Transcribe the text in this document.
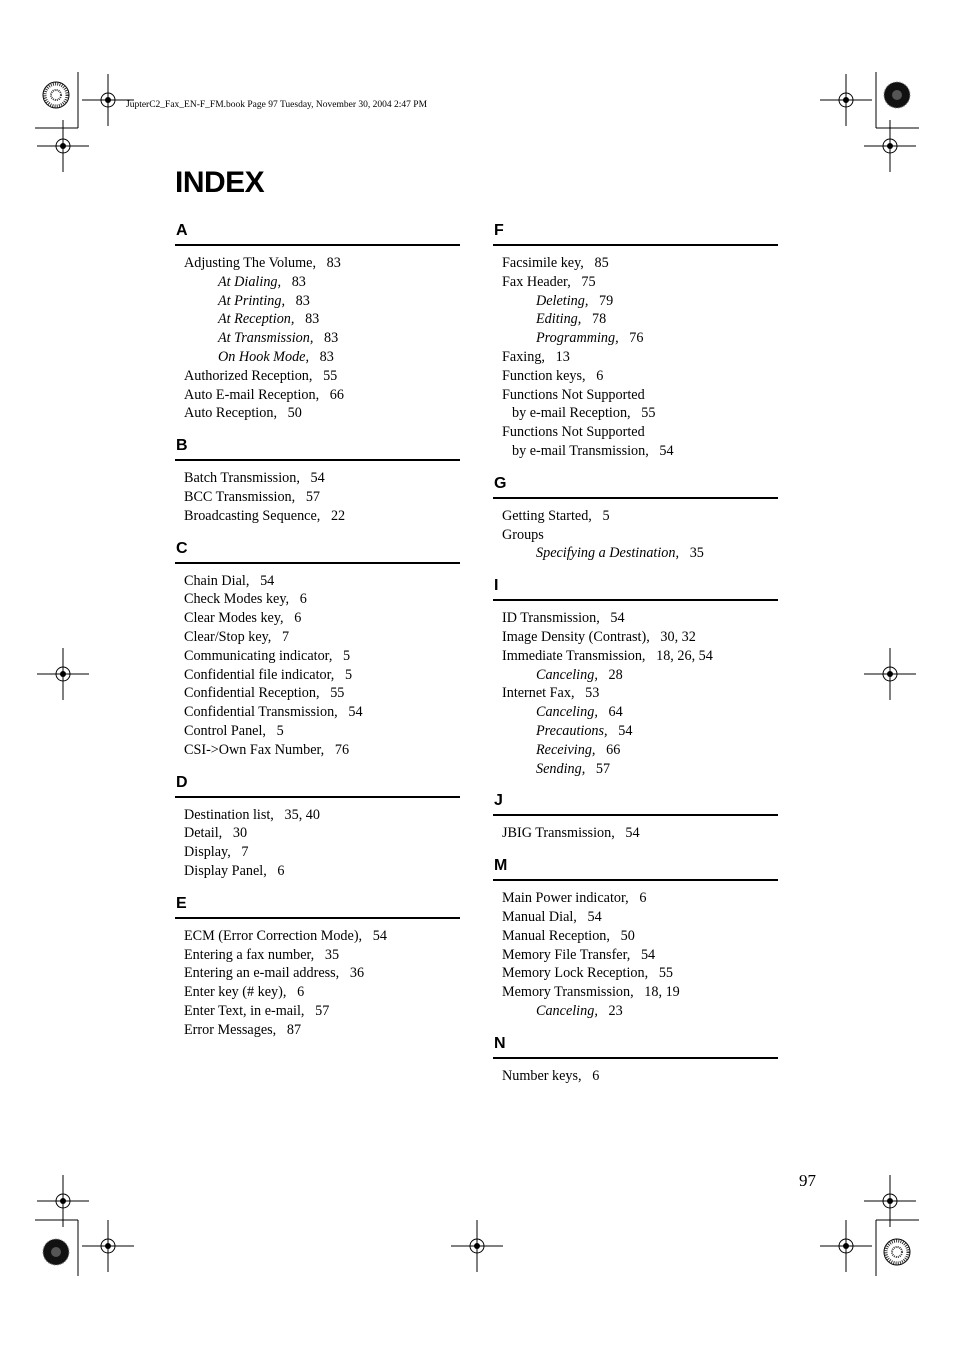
JupterC2_Fax_EN-F_FM.book Page 97 Tuesday, November 30, 2004 2:47 PM
INDEX
A
Adjusting The Volume,  83
At Dialing,  83
At Printing,  83
At Reception,  83
At Transmission,  83
On Hook Mode,  83
Authorized Reception,  55
Auto E-mail Reception,  66
Auto Reception,  50
B
Batch Transmission,  54
BCC Transmission,  57
Broadcasting Sequence,  22
C
Chain Dial,  54
Check Modes key,  6
Clear Modes key,  6
Clear/Stop key,  7
Communicating indicator,  5
Confidential file indicator,  5
Confidential Reception,  55
Confidential Transmission,  54
Control Panel,  5
CSI->Own Fax Number,  76
D
Destination list,  35, 40
Detail,  30
Display,  7
Display Panel,  6
E
ECM (Error Correction Mode),  54
Entering a fax number,  35
Entering an e-mail address,  36
Enter key (# key),  6
Enter Text, in e-mail,  57
Error Messages,  87
F
Facsimile key,  85
Fax Header,  75
Deleting,  79
Editing,  78
Programming,  76
Faxing,  13
Function keys,  6
Functions Not Supported
by e-mail Reception,  55
Functions Not Supported
by e-mail Transmission,  54
G
Getting Started,  5
Groups
Specifying a Destination,  35
I
ID Transmission,  54
Image Density (Contrast),  30, 32
Immediate Transmission,  18, 26, 54
Canceling,  28
Internet Fax,  53
Canceling,  64
Precautions,  54
Receiving,  66
Sending,  57
J
JBIG Transmission,  54
M
Main Power indicator,  6
Manual Dial,  54
Manual Reception,  50
Memory File Transfer,  54
Memory Lock Reception,  55
Memory Transmission,  18, 19
Canceling,  23
N
Number keys,  6
97
